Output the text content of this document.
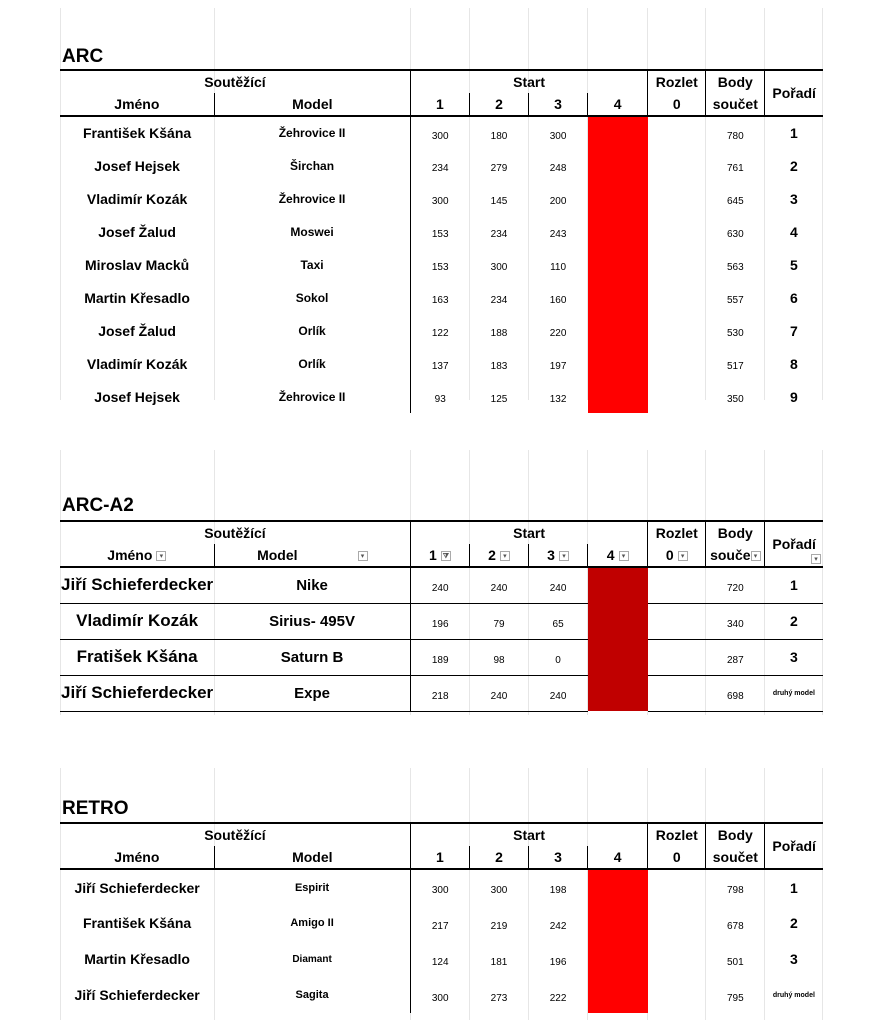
ARC
Soutěžící		Start				Rozlet	Body	Pořadí
Jméno	Model	1	2	3	4	0	součet	
František Kšána	Žehrovice II	300	180	300			780	1
Josef Hejsek	Širchan	234	279	248			761	2
Vladimír Kozák	Žehrovice II	300	145	200			645	3
Josef Žalud	Moswei	153	234	243			630	4
Miroslav Macků	Taxi	153	300	110			563	5
Martin Křesadlo	Sokol	163	234	160			557	6
Josef Žalud	Orlík	122	188	220			530	7
Vladimír Kozák	Orlík	137	183	197			517	8
Josef Hejsek	Žehrovice II	93	125	132			350	9
ARC-A2
Soutěžící		Start				Rozlet	Body	Pořadí
▾

Jméno ▾	Model ▾	1 ⧩	2 ▾	3 ▾	4 ▾	0 ▾	souče ▾	
Jiří Schieferdecker	Nike	240	240	240			720	1
Vladimír Kozák	Sirius- 495V	196	79	65			340	2
Fratišek Kšána	Saturn B	189	98	0			287	3
Jiří Schieferdecker	Expe	218	240	240			698	druhý model
RETRO
Soutěžící		Start				Rozlet	Body	Pořadí
Jméno	Model	1	2	3	4	0	součet	
Jiří Schieferdecker	Espirit	300	300	198			798	1
František Kšána	Amigo II	217	219	242			678	2
Martin Křesadlo	Diamant	124	181	196			501	3
Jiří Schieferdecker	Sagita	300	273	222			795	druhý model
